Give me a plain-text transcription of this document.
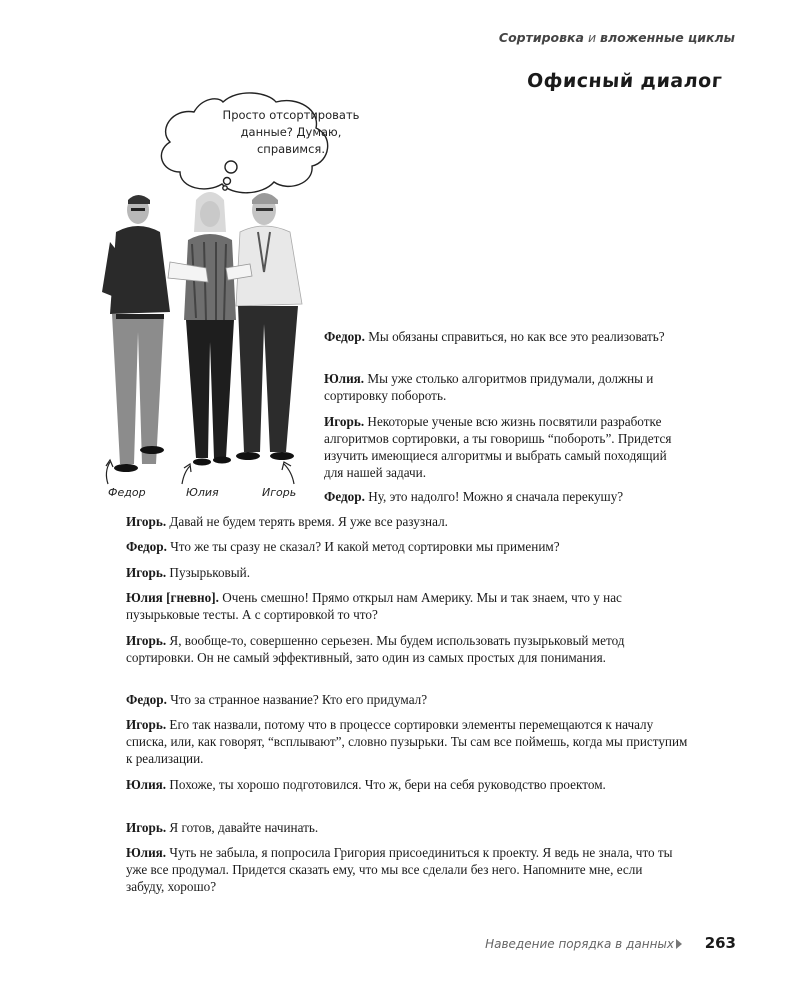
Сортировка и вложенные циклы
Офисный диалог
Просто отсортировать данные? Думаю, справимся.
Федор	Юлия	Игорь

Федор. Мы обязаны справиться, но как все это реализовать?

Юлия. Мы уже столько алгоритмов придумали, должны и сортировку побороть.

Игорь. Некоторые ученые всю жизнь посвятили разработке алгоритмов сортировки, а ты говоришь “побороть”. Придется изучить имеющиеся алгоритмы и выбрать самый походящий для нашей задачи.

Федор. Ну, это надолго! Можно я сначала перекушу?

Игорь. Давай не будем терять время. Я уже все разузнал.

Федор. Что же ты сразу не сказал? И какой метод сортировки мы применим?

Игорь. Пузырьковый.

Юлия [гневно]. Очень смешно! Прямо открыл нам Америку. Мы и так знаем, что у нас пузырьковые тесты. А с сортировкой то что?

Игорь. Я, вообще-то, совершенно серьезен. Мы будем использовать пузырьковый метод сортировки. Он не самый эффективный, зато один из самых простых для понимания.

Федор. Что за странное название? Кто его придумал?

Игорь. Его так назвали, потому что в процессе сортировки элементы перемещаются к началу списка, или, как говорят, “всплывают”, словно пузырьки. Ты сам все поймешь, когда мы приступим к реализации.

Юлия. Похоже, ты хорошо подготовился. Что ж, бери на себя руководство проектом.

Игорь. Я готов, давайте начинать.

Юлия. Чуть не забыла, я попросила Григория присоединиться к проекту. Я ведь не знала, что ты уже все продумал. Придется сказать ему, что мы все сделали без него. Напомните мне, если забуду, хорошо?

Наведение порядка в данных 263
